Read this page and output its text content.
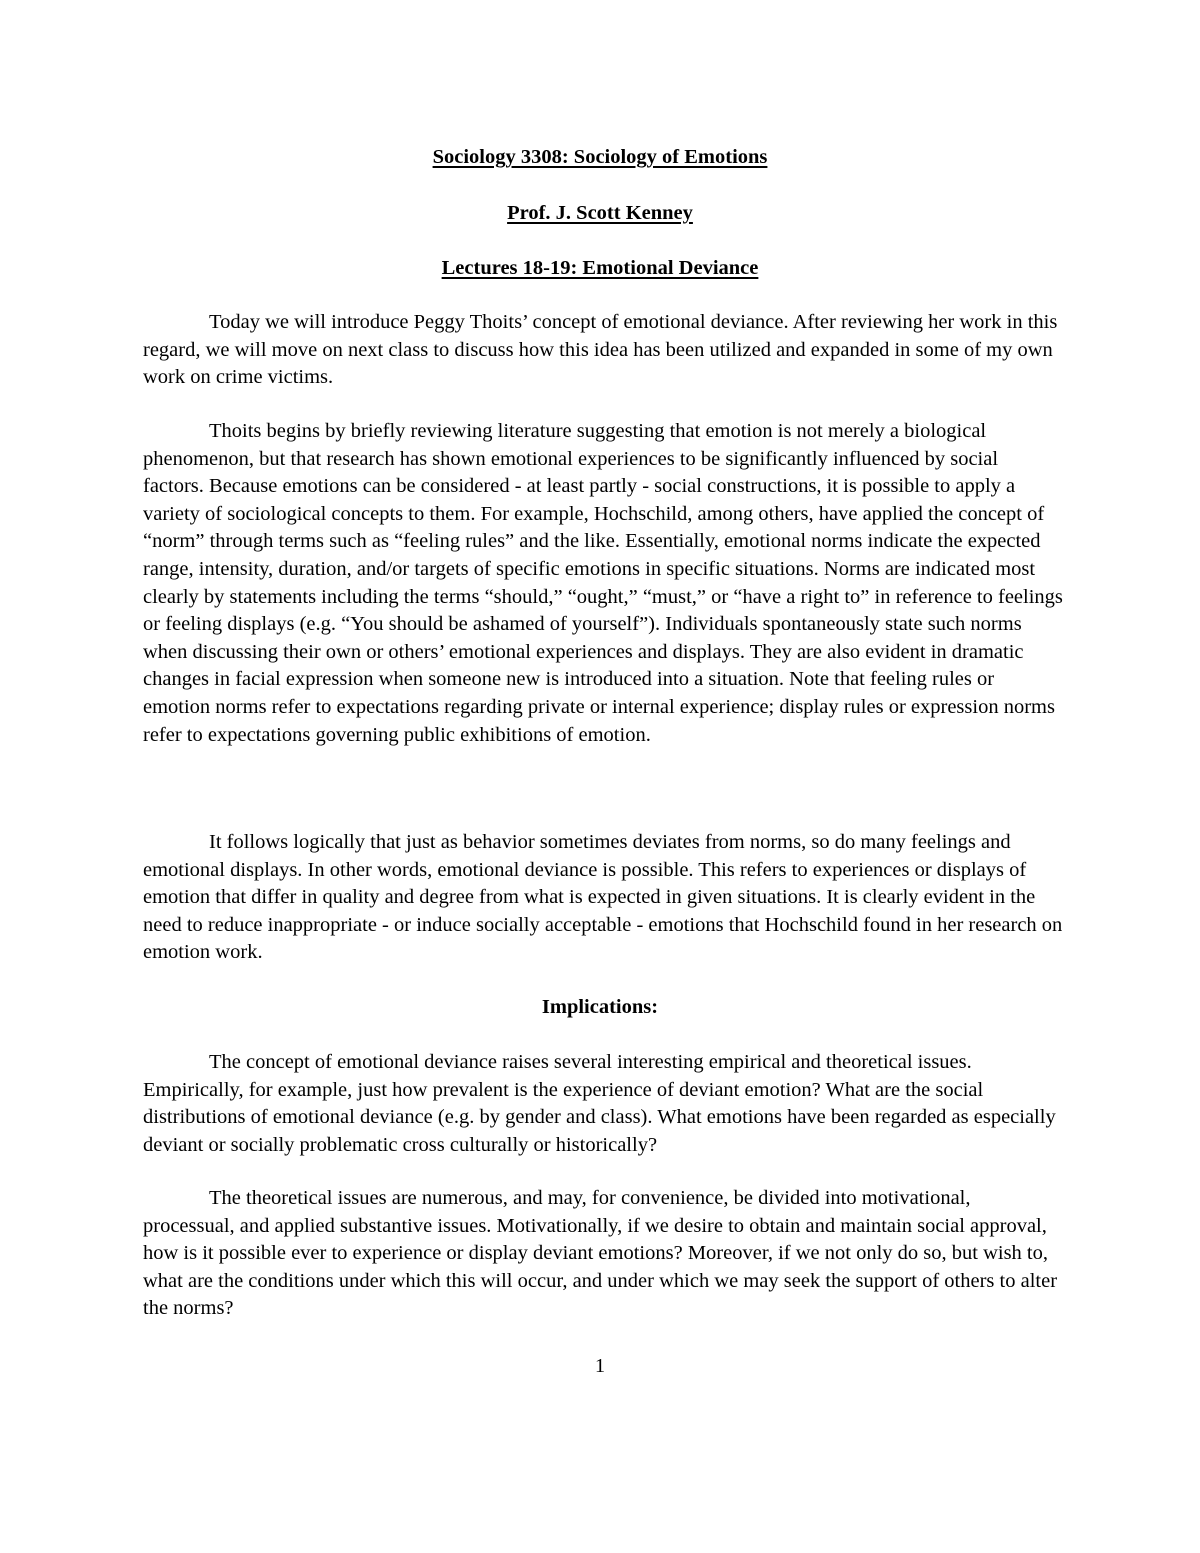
Sociology 3308: Sociology of Emotions

Prof. J. Scott Kenney

Lectures 18-19: Emotional Deviance

Today we will introduce Peggy Thoits’ concept of emotional deviance. After reviewing her work in this regard, we will move on next class to discuss how this idea has been utilized and expanded in some of my own work on crime victims.

Thoits begins by briefly reviewing literature suggesting that emotion is not merely a biological phenomenon, but that research has shown emotional experiences to be significantly influenced by social factors. Because emotions can be considered - at least partly - social constructions, it is possible to apply a variety of sociological concepts to them. For example, Hochschild, among others, have applied the concept of “norm” through terms such as “feeling rules” and the like. Essentially, emotional norms indicate the expected range, intensity, duration, and/or targets of specific emotions in specific situations. Norms are indicated most clearly by statements including the terms “should,” “ought,” “must,” or “have a right to” in reference to feelings or feeling displays (e.g. “You should be ashamed of yourself”). Individuals spontaneously state such norms when discussing their own or others’ emotional experiences and displays. They are also evident in dramatic changes in facial expression when someone new is introduced into a situation. Note that feeling rules or emotion norms refer to expectations regarding private or internal experience; display rules or expression norms refer to expectations governing public exhibitions of emotion.

It follows logically that just as behavior sometimes deviates from norms, so do many feelings and emotional displays. In other words, emotional deviance is possible. This refers to experiences or displays of emotion that differ in quality and degree from what is expected in given situations. It is clearly evident in the need to reduce inappropriate - or induce socially acceptable - emotions that Hochschild found in her research on emotion work.

Implications:

The concept of emotional deviance raises several interesting empirical and theoretical issues. Empirically, for example, just how prevalent is the experience of deviant emotion? What are the social distributions of emotional deviance (e.g. by gender and class). What emotions have been regarded as especially deviant or socially problematic cross culturally or historically?

The theoretical issues are numerous, and may, for convenience, be divided into motivational, processual, and applied substantive issues. Motivationally, if we desire to obtain and maintain social approval, how is it possible ever to experience or display deviant emotions? Moreover, if we not only do so, but wish to, what are the conditions under which this will occur, and under which we may seek the support of others to alter the norms?

1
